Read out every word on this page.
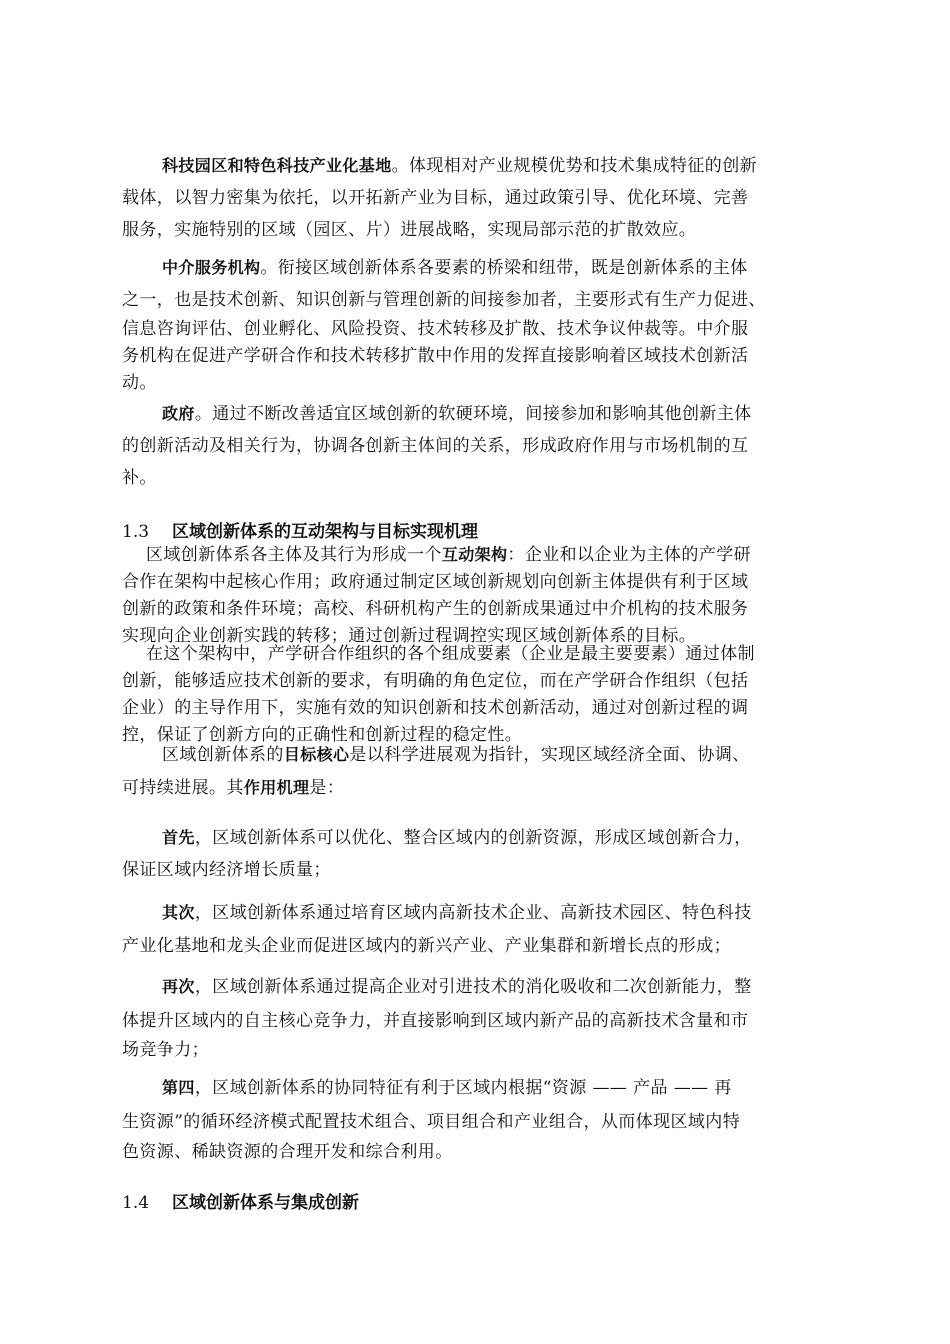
科技园区和特色科技产业化基地。体现相对产业规模优势和技术集成特征的创新

载体，以智力密集为依托，以开拓新产业为目标，通过政策引导、优化环境、完善

服务，实施特别的区域（园区、片）进展战略，实现局部示范的扩散效应。

中介服务机构。衔接区域创新体系各要素的桥梁和纽带，既是创新体系的主体

之一，也是技术创新、知识创新与管理创新的间接参加者，主要形式有生产力促进、

信息咨询评估、创业孵化、风险投资、技术转移及扩散、技术争议仲裁等。中介服

务机构在促进产学研合作和技术转移扩散中作用的发挥直接影响着区域技术创新活

动。

政府。通过不断改善适宜区域创新的软硬环境，间接参加和影响其他创新主体

的创新活动及相关行为，协调各创新主体间的关系，形成政府作用与市场机制的互

补。

1.3 区域创新体系的互动架构与目标实现机理

区域创新体系各主体及其行为形成一个互动架构：企业和以企业为主体的产学研

合作在架构中起核心作用；政府通过制定区域创新规划向创新主体提供有利于区域

创新的政策和条件环境；高校、科研机构产生的创新成果通过中介机构的技术服务

实现向企业创新实践的转移；通过创新过程调控实现区域创新体系的目标。

在这个架构中，产学研合作组织的各个组成要素（企业是最主要要素）通过体制

创新，能够适应技术创新的要求，有明确的角色定位，而在产学研合作组织（包括

企业）的主导作用下，实施有效的知识创新和技术创新活动，通过对创新过程的调

控，保证了创新方向的正确性和创新过程的稳定性。

区域创新体系的目标核心是以科学进展观为指针，实现区域经济全面、协调、

可持续进展。其作用机理是：

首先，区域创新体系可以优化、整合区域内的创新资源，形成区域创新合力，

保证区域内经济增长质量；

其次，区域创新体系通过培育区域内高新技术企业、高新技术园区、特色科技

产业化基地和龙头企业而促进区域内的新兴产业、产业集群和新增长点的形成；

再次，区域创新体系通过提高企业对引进技术的消化吸收和二次创新能力，整

体提升区域内的自主核心竞争力，并直接影响到区域内新产品的高新技术含量和市

场竞争力；

第四，区域创新体系的协同特征有利于区域内根据“资源 —— 产品 —— 再

生资源”的循环经济模式配置技术组合、项目组合和产业组合，从而体现区域内特

色资源、稀缺资源的合理开发和综合利用。

1.4 区域创新体系与集成创新
